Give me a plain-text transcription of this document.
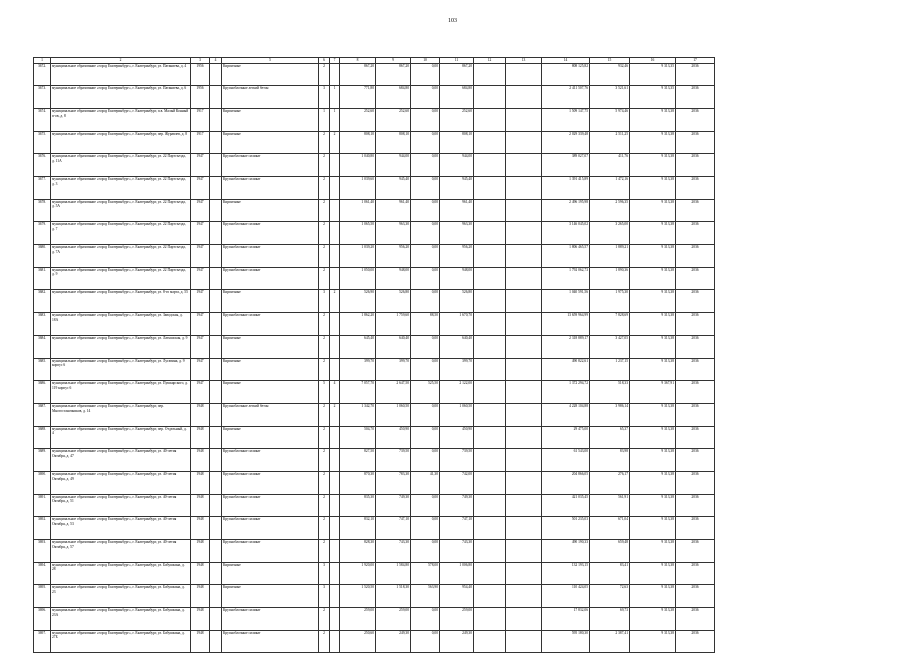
103
1	2	3	4	5	6	7	8	9	10	11	12	13	14	15	16	17
3672.	муниципальное образование «город Екатеринбург», г. Екатеринбург, ул. Патаниева, д. 4	1956		Кирпичные	2		867,20	867,20	0,00	867,20			808 125,82	932,46	9 313,35	2036
3673.	муниципальное образование «город Екатеринбург», г. Екатеринбург, ул. Патаниева, д. 6	1956		Крупноблочные легкий бетон	3	1	771,80	684,80	0,00	684,80			2 411 507,76	3 521,61	9 313,35	2036
3674.	муниципальное образование «город Екатеринбург», г. Екатеринбург, п.в. Малый Конный п-ов, д. 8	1917		Кирпичные	1	1	252,60	252,60	0,00	252,60			1 509 147,75	5 974,46	9 313,38	2036
3675.	муниципальное образование «город Екатеринбург», г. Екатеринбург, пер. Журавлев, д. 8	1917		Кирпичные	2	2	808,10	808,10	0,00	808,10			2 029 339,48	2 511,25	9 313,38	2036
3676.	муниципальное образование «город Екатеринбург», г. Екатеринбург, ул. 22 Партсъезда, д. 11А	1947		Крупноблочные силикат	2		1 040,80	944,00	0,00	944,00			389 027,07	411,76	9 313,38	2036
3677.	муниципальное образование «город Екатеринбург», г. Екатеринбург, ул. 22 Партсъезда, д. 3	1947		Крупноблочные силикат	2		1 039,60	945,40	0,00	945,40			1 391 415,89	1 472,16	9 313,38	2036
3678.	муниципальное образование «город Екатеринбург», г. Екатеринбург, ул. 22 Партсъезда, д. 5А	1947		Кирпичные	2		1 061,40	961,40	0,00	961,40			2 496 195,98	2 596,35	9 313,38	2036
3679.	муниципальное образование «город Екатеринбург», г. Екатеринбург, ул. 22 Партсъезда, д. 7	1947		Крупноблочные силикат	2		1 065,50	963,30	0,00	963,30			3 146 045,02	3 265,00	9 313,38	2036
3680.	муниципальное образование «город Екатеринбург», г. Екатеринбург, ул. 22 Партсъезда, д. 7А	1947		Крупноблочные силикат	2		1 039,20	956,20	0,00	956,20			1 806 465,57	1 889,21	9 313,38	2036
3681.	муниципальное образование «город Екатеринбург», г. Екатеринбург, ул. 22 Партсъезда, д. 9	1947		Крупноблочные силикат	2		1 050,00	948,00	0,00	948,00			1 792 062,73	1 890,36	9 313,38	2036
3682.	муниципальное образование «город Екатеринбург», г. Екатеринбург, ул. 8-го марта, д. 55	1947		Кирпичные	3	2	526,90	526,80	0,00	526,80			1 040 591,56	1 975,30	9 313,38	2036
3683.	муниципальное образование «город Екатеринбург», г. Екатеринбург, ул. Заводская, д. 18А	1947		Крупноблочные силикат	2		1 862,20	1 759,60	88,50	1 670,70			13 659 964,99	7 828,69	9 313,38	2036
3684.	муниципальное образование «город Екатеринбург», г. Екатеринбург, ул. Латышская, д. 9	1947		Кирпичные	2		645,40	640,40	0,00	640,40			2 318 889,17	3 427,05	9 313,38	2036
3685.	муниципальное образование «город Екатеринбург», г. Екатеринбург, ул. Лугавина, д. 9 корпус 6	1947		Кирпичные	2		399,70	399,70	0,00	399,70			490 822,61	1 237,15	9 313,38	2036
3686.	муниципальное образование «город Екатеринбург», г. Екатеринбург, ул. Пушкарского, д. 119 корпус 6	1947		Кирпичные	5	4	7 057,70	2 647,50	525,50	2 122,00			1 372 294,72	518,33	9 367,91	2036
3687.	муниципальное образование «город Екатеринбург», г. Екатеринбург, пер. Многостаночников, д. 14	1948		Крупноблочные легкий бетон	2	2	1 342,70	1 060,50	0,00	1 060,50			4 228 104,88	3 986,14	9 313,38	2036
3688.	муниципальное образование «город Екатеринбург», г. Екатеринбург, пер. Отдельный, д. 4	1948		Кирпичные	2		504,70	450,90	0,00	450,90			29 475,00	65,37	9 313,38	2036
3689.	муниципальное образование «город Екатеринбург», г. Екатеринбург, ул. 40-летия Октября, д. 47	1948		Крупноблочные силикат	2		827,50	739,50	0,00	739,50			61 543,00	83,98	9 313,38	2036
3690.	муниципальное образование «город Екатеринбург», г. Екатеринбург, ул. 40-летия Октября, д. 49	1948		Крупноблочные силикат	2		870,30	783,30	41,30	742,00			204 866,05	276,17	9 313,38	2036
3691.	муниципальное образование «город Екатеринбург», г. Екатеринбург, ул. 40-летия Октября, д. 51	1948		Крупноблочные силикат	2		835,30	749,30	0,00	749,30			421 035,45	561,91	9 313,38	2036
3692.	муниципальное образование «город Екатеринбург», г. Екатеринбург, ул. 40-летия Октября, д. 53	1948		Крупноблочные силикат	2		832,10	747,10	0,00	747,10			501 235,03	671,04	9 313,38	2036
3693.	муниципальное образование «город Екатеринбург», г. Екатеринбург, ул. 40-летия Октября, д. 57	1948		Крупноблочные силикат	2		828,30	743,30	0,00	743,30			490 190,33	659,48	9 313,38	2036
3694.	муниципальное образование «город Екатеринбург», г. Екатеринбург, ул. Бабушкина, д. 28	1948		Кирпичные	3		1 920,00	1 584,80	578,00	1 006,80			132 193,15	83,41	9 313,38	2036
3695.	муниципальное образование «город Екатеринбург», г. Екатеринбург, ул. Бабушкина, д. 23	1948		Кирпичные	3		1 520,50	1 518,30	563,90	954,40			110 424,05	72,63	9 313,38	2036
3696.	муниципальное образование «город Екатеринбург», г. Екатеринбург, ул. Бабушкина, д. 23А	1948		Крупноблочные силикат	2		259,00	259,00	0,00	259,00			17 832,06	69,73	9 313,38	2036
3697.	муниципальное образование «город Екатеринбург», г. Екатеринбург, ул. Бабушкина, д. 27Б	1948		Крупноблочные силикат	2		250,60	249,30	0,00	249,30			595 180,30	2 387,41	9 313,38	2036
